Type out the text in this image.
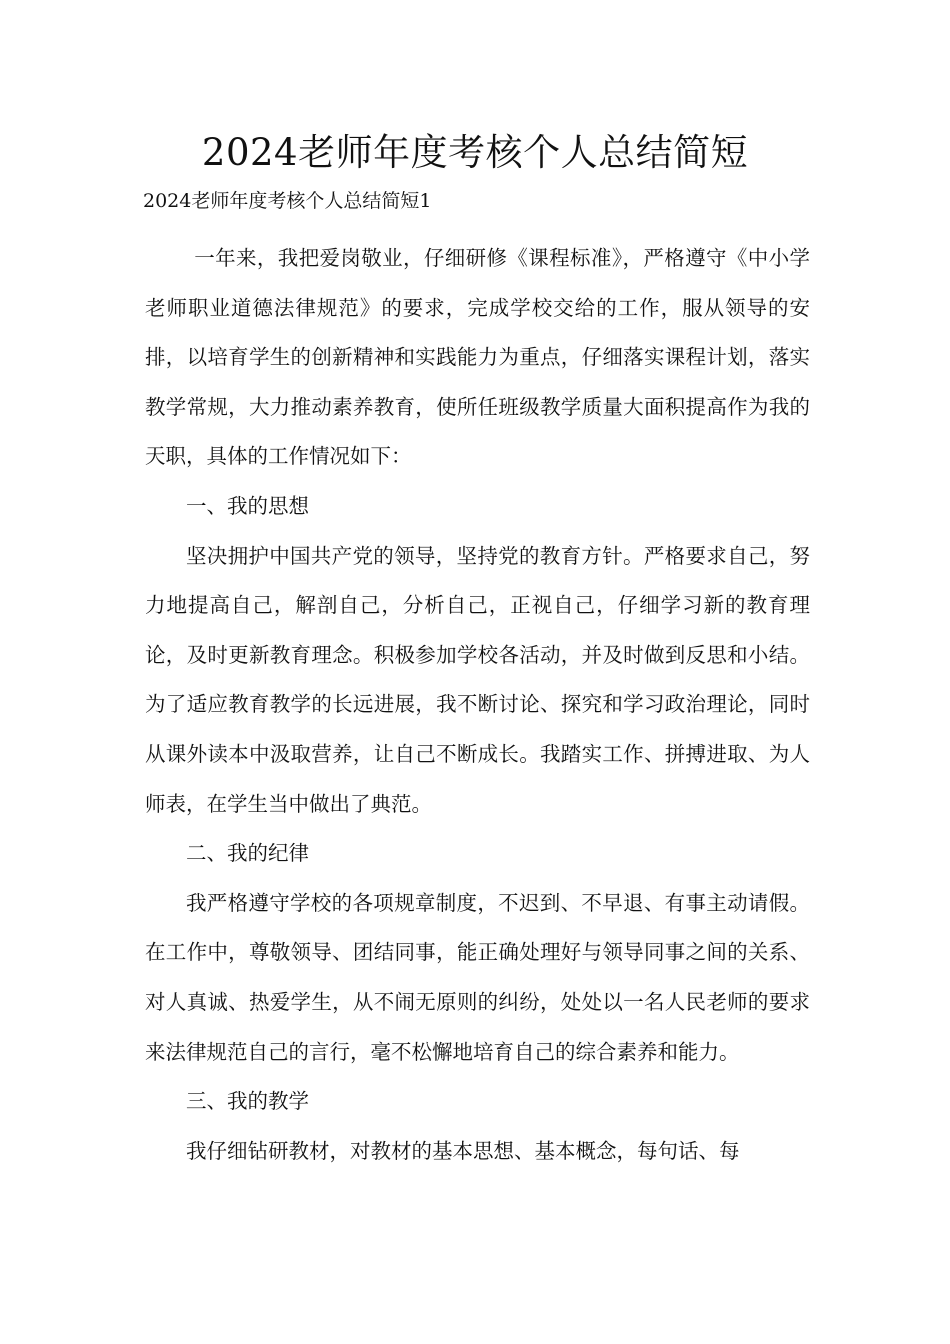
2024老师年度考核个人总结简短
2024老师年度考核个人总结简短1

一年来，我把爱岗敬业，仔细研修《课程标准》，严格遵守《中小学老师职业道德法律规范》的要求，完成学校交给的工作，服从领导的安排，以培育学生的创新精神和实践能力为重点，仔细落实课程计划，落实教学常规，大力推动素养教育，使所任班级教学质量大面积提高作为我的天职，具体的工作情况如下：

一、我的思想

坚决拥护中国共产党的领导，坚持党的教育方针。严格要求自己，努力地提高自己，解剖自己，分析自己，正视自己，仔细学习新的教育理论，及时更新教育理念。积极参加学校各活动，并及时做到反思和小结。为了适应教育教学的长远进展，我不断讨论、探究和学习政治理论，同时从课外读本中汲取营养，让自己不断成长。我踏实工作、拼搏进取、为人师表，在学生当中做出了典范。

二、我的纪律

我严格遵守学校的各项规章制度，不迟到、不早退、有事主动请假。在工作中，尊敬领导、团结同事，能正确处理好与领导同事之间的关系、对人真诚、热爱学生，从不闹无原则的纠纷，处处以一名人民老师的要求来法律规范自己的言行，毫不松懈地培育自己的综合素养和能力。

三、我的教学

我仔细钻研教材，对教材的基本思想、基本概念，每句话、每
